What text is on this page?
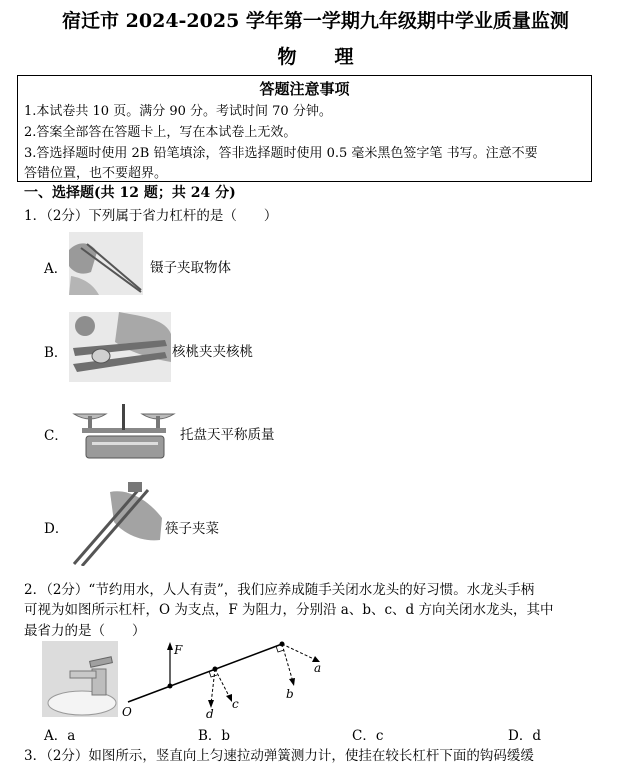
宿迁市 2024-2025 学年第一学期九年级期中学业质量监测
物　　理
答题注意事项
1.本试卷共 10 页。满分 90 分。考试时间 70 分钟。
2.答案全部答在答题卡上，写在本试卷上无效。
3.答选择题时使用 2B 铅笔填涂，答非选择题时使用 0.5 毫米黑色签字笔 书写。注意不要
答错位置，也不要超界。
一、选择题(共 12 题；共 24 分)
1．（2分）下列属于省力杠杆的是（　　）
A．	镊子夹取物体
B．	核桃夹夹核桃
C．	托盘天平称质量
D．	筷子夹菜
2．（2分）“节约用水，人人有责”，我们应养成随手关闭水龙头的好习惯。水龙头手柄
可视为如图所示杠杆，O 为支点，F 为阻力，分别沿 a、b、c、d 方向关闭水龙头，其中
最省力的是（　　）
F
O
a
b
c
d
A．a	B．b	C．c	D．d
3．（2分）如图所示，竖直向上匀速拉动弹簧测力计，使挂在较长杠杆下面的钩码缓缓
